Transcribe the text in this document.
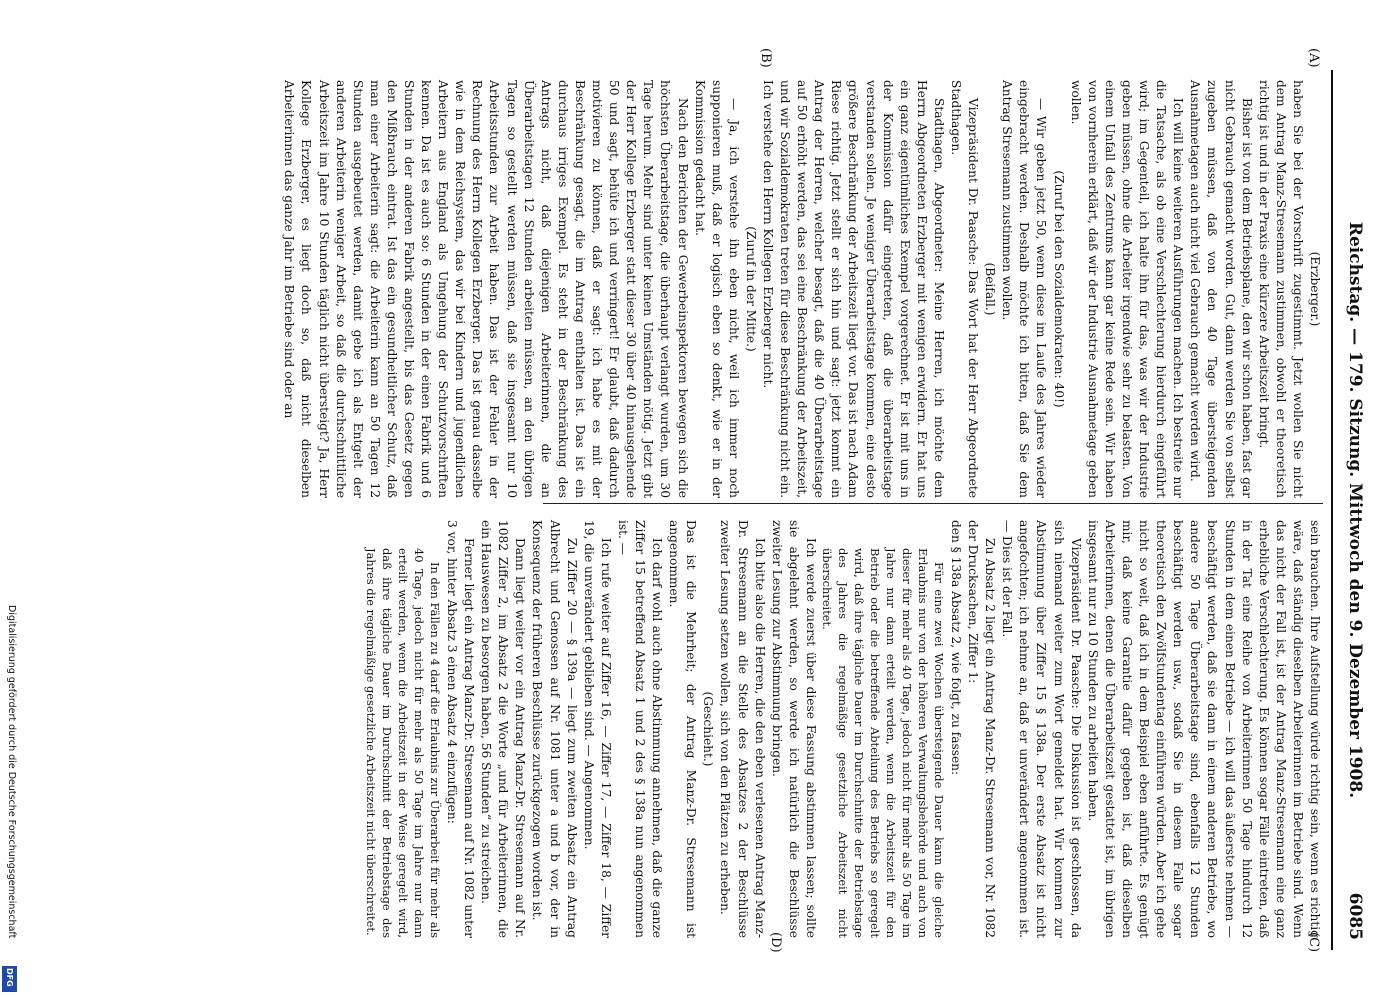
Reichstag. — 179. Sitzung. Mittwoch den 9. Dezember 1908.
6085
(A)
(B)
(C)
(D)

(Erzberger.)

haben Sie bei der Vorschrift zugestimmt. Jetzt wollen Sie nicht dem Antrag Manz-Stresemann zustimmen, obwohl er theoretisch richtig ist und in der Praxis eine kürzere Arbeitszeit bringt.

Bisher ist von dem Betriebsplane, den wir schon haben, fast gar nicht Gebrauch gemacht worden. Gut, dann werden Sie von selbst zugeben müssen, daß von den 40 Tage übersteigenden Ausnahmetagen auch nicht viel Gebrauch gemacht werden wird.

Ich will keine weiteren Ausführungen machen. Ich bestreite nur die Tatsache, als ob eine Verschlechterung hierdurch eingeführt wird; im Gegenteil, ich halte ihn für das, was wir der Industrie geben müssen, ohne die Arbeiter irgendwie sehr zu belasten. Von einem Unfall des Zentrums kann gar keine Rede sein. Wir haben von vornherein erklärt, daß wir der Industrie Ausnahmetage geben wollen.

(Zuruf bei den Sozialdemokraten: 40!)

— Wir geben jetzt 50, wenn diese im Laufe des Jahres wieder eingebracht werden. Deshalb möchte ich bitten, daß Sie dem Antrag Stresemann zustimmen wollen.

(Beifall.)

Vizepräsident Dr. Paasche: Das Wort hat der Herr Abgeordnete Stadthagen.

Stadthagen, Abgeordneter: Meine Herren, ich möchte dem Herrn Abgeordneten Erzberger mit wenigen erwidern. Er hat uns ein ganz eigentümliches Exempel vorgerechnet. Er ist mit uns in der Kommission dafür eingetreten, daß die überarbeitstage verstanden sollen. Je weniger Überarbeitstage kommen, eine desto größere Beschränkung der Arbeitszeit liegt vor. Das ist nach Adam Riese richtig. Jetzt stellt er sich hin und sagt: jetzt kommt ein Antrag der Herren, welcher besagt, daß die 40 Überarbeitstage auf 50 erhöht werden, das sei eine Beschränkung der Arbeitszeit, und wir Sozialdemokraten treten für diese Beschränkung nicht ein. Ich verstehe den Herrn Kollegen Erzberger nicht.

(Zuruf in der Mitte.)

— Ja, ich verstehe ihn eben nicht, weil ich immer noch supponieren muß, daß er logisch eben so denkt, wie er in der Kommission gedacht hat.

Nach den Berichten der Gewerbeinspektoren bewegen sich die höchsten Überarbeitstage, die überhaupt verlangt wurden, um 30 Tage herum. Mehr sind unter keinen Umständen nötig. Jetzt gibt der Herr Kollege Erzberger statt dieser 30 über 40 hinausgehende 50 und sagt, behüte ich und verringert! Er glaubt, daß dadurch motivieren zu können, daß er sagt: ich habe es mit der Beschränkung gesagt, die im Antrag enthalten ist. Das ist ein durchaus irriges Exempel. Es steht in der Beschränkung des Antrags nicht, daß diejenigen Arbeiterinnen, die an Überarbeitstagen 12 Stunden arbeiten müssen, an den übrigen Tagen so gestellt werden müssen, daß sie insgesamt nur 10 Arbeitsstunden zur Arbeit haben. Das ist der Fehler in der Rechnung des Herrn Kollegen Erzberger. Das ist genau dasselbe wie in dem Reichsystem, das wir bei Kindern und jugendlichen Arbeitern aus England als Umgehung der Schutzvorschriften kennen. Da ist es auch so: 6 Stunden in der einen Fabrik und 6 Stunden in der anderen Fabrik angestellt, bis das Gesetz gegen den Mißbrauch eintrat. Ist das ein gesundheitlicher Schutz, daß man einer Arbeiterin sagt: die Arbeiterin kann an 50 Tagen 12 Stunden ausgebeutet werden, damit gebe ich als Entgelt der anderen Arbeiterin weniger Arbeit, so daß die durchschnittliche Arbeitszeit im Jahre 10 Stunden täglich nicht übersteigt? Ja, Herr Kollege Erzberger, es liegt doch so, daß nicht dieselben Arbeiterinnen das ganze Jahr im Betriebe sind oder an

sein brauchen. Ihre Aufstellung würde richtig sein, wenn es richtig wäre, daß ständig dieselben Arbeiterinnen im Betriebe sind. Wenn das nicht der Fall ist, ist der Antrag Manz-Stresemann eine ganz erhebliche Verschlechterung. Es können sogar Fälle eintreten, daß in der Tat eine Reihe von Arbeiterinnen 50 Tage hindurch 12 Stunden in dem einen Betriebe — ich will das äußerste nehmen — beschäftigt werden, daß sie dann in einem anderen Betriebe, wo andere 50 Tage Überarbeitstage sind, ebenfalls 12 Stunden beschäftigt werden usw., sodaß Sie in diesem Falle sogar theoretisch den Zwölfstundentag einführen würden. Aber ich gehe nicht so weit, daß ich in dem Beispiel eben anführte. Es genügt mir, daß keine Garantie dafür gegeben ist, daß dieselben Arbeiterinnen, denen die Überarbeitszeit gestattet ist, im übrigen insgesamt nur zu 10 Stunden zu arbeiten haben.

Vizepräsident Dr. Paasche: Die Diskussion ist geschlossen, da sich niemand weiter zum Wort gemeldet hat. Wir kommen zur Abstimmung über Ziffer 15 § 138a. Der erste Absatz ist nicht angefochten; ich nehme an, daß er unverändert angenommen ist. — Dies ist der Fall.

Zu Absatz 2 liegt ein Antrag Manz-Dr. Stresemann vor, Nr. 1082 der Drucksachen, Ziffer 1:

den § 138a Absatz 2, wie folgt, zu fassen:

Für eine zwei Wochen übersteigende Dauer kann die gleiche Erlaubnis nur von der höheren Verwaltungsbehörde und auch von dieser für mehr als 40 Tage, jedoch nicht für mehr als 50 Tage im Jahre nur dann erteilt werden, wenn die Arbeitszeit für den Betrieb oder die betreffende Abteilung des Betriebs so geregelt wird, daß ihre tägliche Dauer im Durchschnitte der Betriebstage des Jahres die regelmäßige gesetzliche Arbeitszeit nicht überschreitet.

Ich werde zuerst über diese Fassung abstimmen lassen; sollte sie abgelehnt werden, so werde ich natürlich die Beschlüsse zweiter Lesung zur Abstimmung bringen.

Ich bitte also die Herren, die den eben verlesenen Antrag Manz-Dr. Stresemann an die Stelle des Absatzes 2 der Beschlüsse zweiter Lesung setzen wollen, sich von den Plätzen zu erheben.

(Geschieht.)

Das ist die Mehrheit; der Antrag Manz-Dr. Stresemann ist angenommen.

Ich darf wohl auch ohne Abstimmung annehmen, daß die ganze Ziffer 15 betreffend Absatz 1 und 2 des § 138a nun angenommen ist. —

Ich rufe weiter auf Ziffer 16, — Ziffer 17, — Ziffer 18, — Ziffer 19, die unverändert geblieben sind. — Angenommen.

Zu Ziffer 20 — § 139a — liegt zum zweiten Absatz ein Antrag Albrecht und Genossen auf Nr. 1081 unter a und b vor, der in Konsequenz der früheren Beschlüsse zurückgezogen worden ist.

Dann liegt weiter vor ein Antrag Manz-Dr. Stresemann auf Nr. 1082 Ziffer 2, im Absatz 2 die Worte „und für Arbeiterinnen, die ein Hauswesen zu besorgen haben, 56 Stunden“ zu streichen.

Ferner liegt ein Antrag Manz-Dr. Stresemann auf Nr. 1082 unter 3 vor, hinter Absatz 3 einen Absatz 4 einzufügen:

In den Fällen zu 4 darf die Erlaubnis zur Überarbeit für mehr als 40 Tage, jedoch nicht für mehr als 50 Tage im Jahre nur dann erteilt werden, wenn die Arbeitszeit in der Weise geregelt wird, daß ihre tägliche Dauer im Durchschnitt der Betriebstage des Jahres die regelmäßige gesetzliche Arbeitszeit nicht überschreitet.

Digitalisierung gefördert durch die Deutsche Forschungsgemeinschaft
DFG
